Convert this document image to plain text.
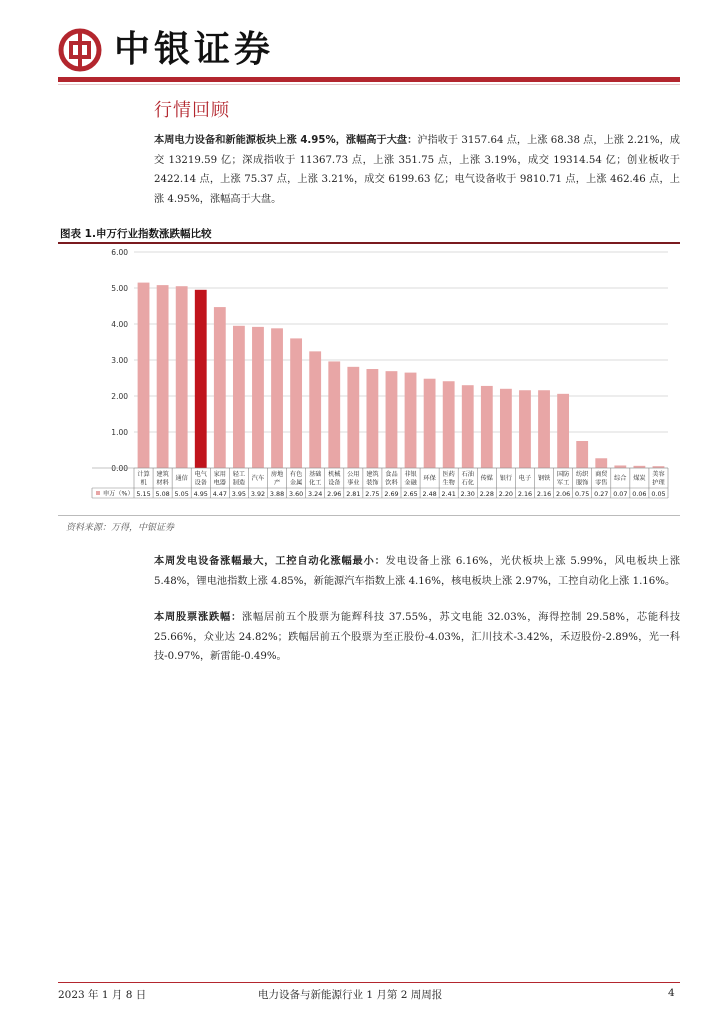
中银证券
行情回顾
本周电力设备和新能源板块上涨 4.95%，涨幅高于大盘：沪指收于 3157.64 点，上涨 68.38 点，上涨 2.21%，成交 13219.59 亿；深成指收于 11367.73 点，上涨 351.75 点，上涨 3.19%，成交 19314.54 亿；创业板收于 2422.14 点，上涨 75.37 点，上涨 3.21%，成交 6199.63 亿；电气设备收于 9810.71 点，上涨 462.46 点，上涨 4.95%，涨幅高于大盘。
图表 1.申万行业指数涨跌幅比较
0.00
1.00
2.00
3.00
4.00
5.00
6.00
计算
机
建筑
材料
通信
电气
设备
家用
电器
轻工
制造
汽车
房地
产
有色
金属
基础
化工
机械
设备
公用
事业
建筑
装饰
食品
饮料
非银
金融
环保
医药
生物
石油
石化
传媒 银行 电子 钢铁
国防
军工
纺织
服饰
商贸
零售
综合 煤炭
美容
护理
申万（%） 5.15 5.08 5.05 4.95 4.47 3.95 3.92 3.88 3.60 3.24 2.96 2.81 2.75 2.69 2.65 2.48 2.41 2.30 2.28 2.20 2.16 2.16 2.06 0.75 0.27 0.07 0.06 0.05
资料来源：万得，中银证券
本周发电设备涨幅最大，工控自动化涨幅最小：发电设备上涨 6.16%，光伏板块上涨 5.99%，风电板块上涨 5.48%，锂电池指数上涨 4.85%，新能源汽车指数上涨 4.16%，核电板块上涨 2.97%，工控自动化上涨 1.16%。
本周股票涨跌幅：涨幅居前五个股票为能辉科技 37.55%，苏文电能 32.03%，海得控制 29.58%，芯能科技 25.66%，众业达 24.82%；跌幅居前五个股票为至正股份-4.03%，汇川技术-3.42%，禾迈股份-2.89%，光一科技-0.97%，新雷能-0.49%。
2023 年 1 月 8 日	电力设备与新能源行业 1 月第 2 周周报	4
